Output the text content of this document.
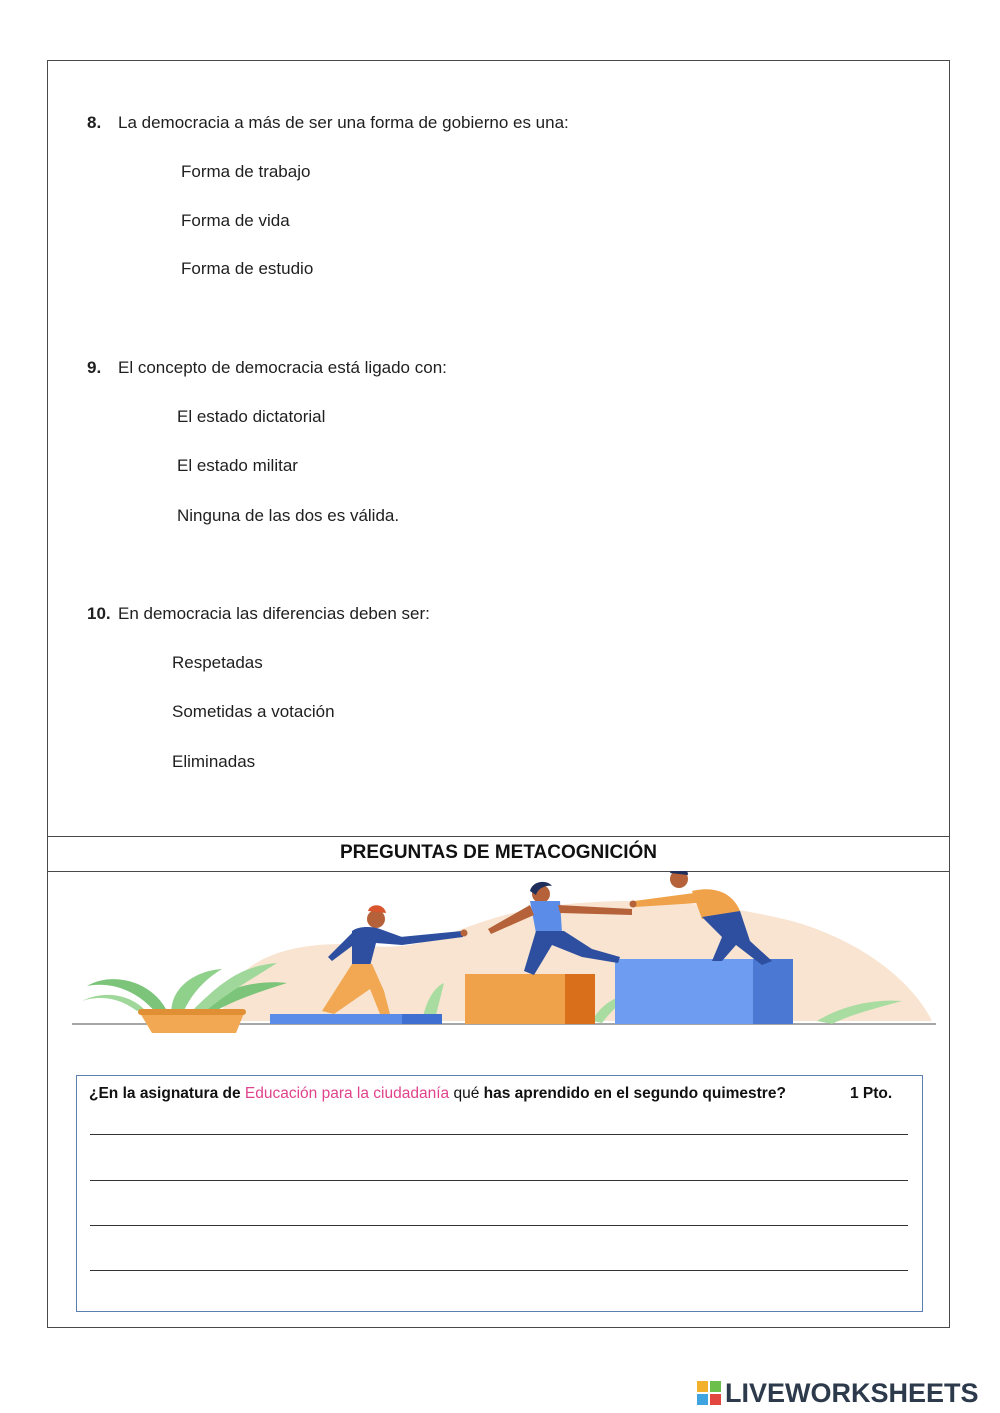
8. La democracia a más de ser una forma de gobierno es una:
Forma de trabajo
Forma de vida
Forma de estudio
9. El concepto de democracia está ligado con:
El estado dictatorial
El estado militar
Ninguna de las dos es válida.
10. En democracia las diferencias deben ser:
Respetadas
Sometidas a votación
Eliminadas
PREGUNTAS DE METACOGNICIÓN
¿En la asignatura de Educación para la ciudadanía qué has aprendido en el segundo quimestre?	1 Pto.
LIVEWORKSHEETS
